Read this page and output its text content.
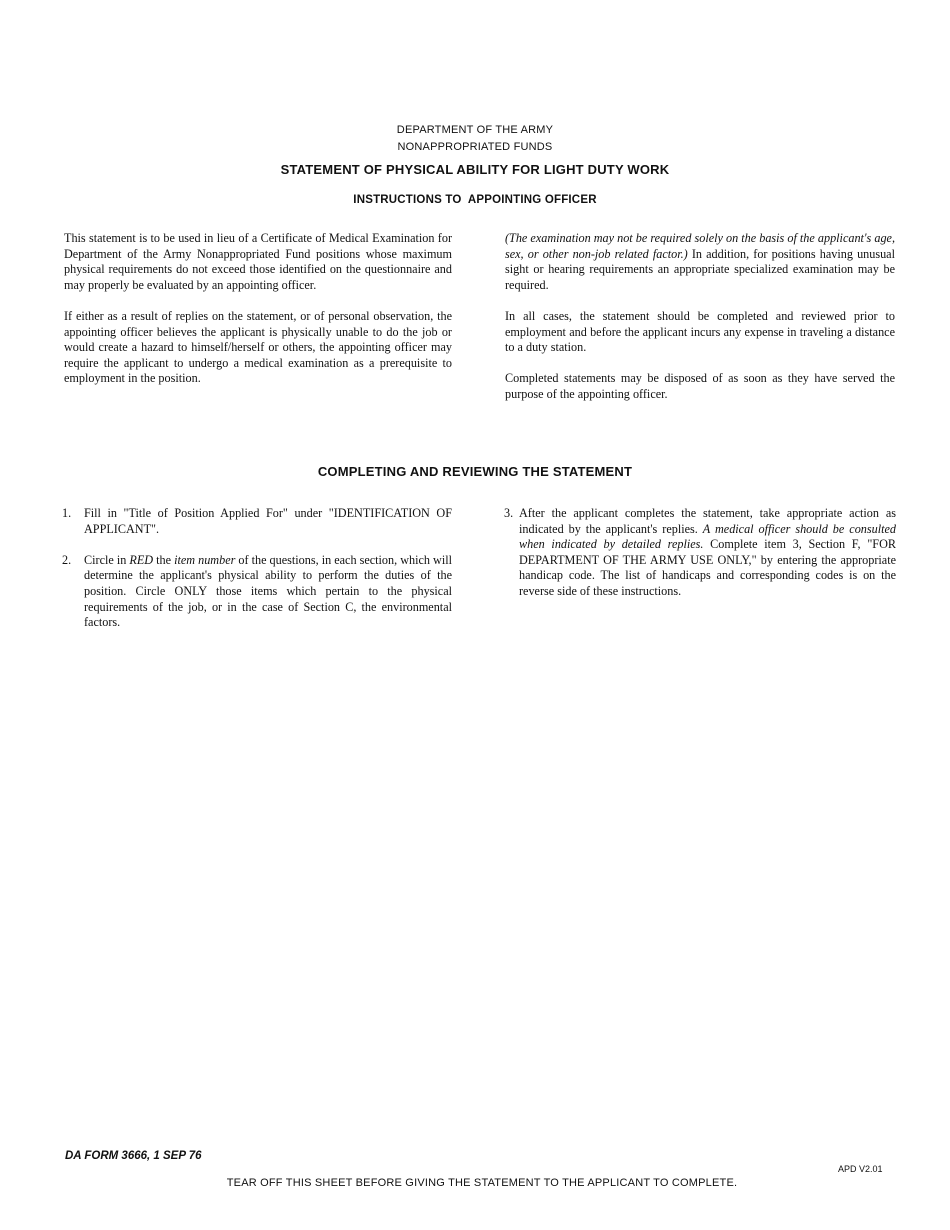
DEPARTMENT OF THE ARMY
NONAPPROPRIATED FUNDS
STATEMENT OF PHYSICAL ABILITY FOR LIGHT DUTY WORK
INSTRUCTIONS TO  APPOINTING OFFICER

This statement is to be used in lieu of a Certificate of Medical Examination for Department of the Army Nonappropriated Fund positions whose maximum physical requirements do not exceed those identified on the questionnaire and may properly be evaluated by an appointing officer.

If either as a result of replies on the statement, or of personal observation, the appointing officer believes the applicant is physically unable to do the job or would create a hazard to himself/herself or others, the appointing officer may require the applicant to undergo a medical examination as a prerequisite to employment in the position.

(The examination may not be required solely on the basis of the applicant's age, sex, or other non-job related factor.) In addition, for positions having unusual sight or hearing requirements an appropriate specialized examination may be required.

In all cases, the statement should be completed and reviewed prior to employment and before the applicant incurs any expense in traveling a distance to a duty station.

Completed statements may be disposed of as soon as they have served the purpose of the appointing officer.

COMPLETING AND REVIEWING THE STATEMENT
1. Fill in "Title of Position Applied For" under "IDENTIFICATION OF APPLICANT".
2. Circle in RED the item number of the questions, in each section, which will determine the applicant's physical ability to perform the duties of the position. Circle ONLY those items which pertain to the physical requirements of the job, or in the case of Section C, the environmental factors.
3. After the applicant completes the statement, take appropriate action as indicated by the applicant's replies. A medical officer should be consulted when indicated by detailed replies. Complete item 3, Section F, "FOR DEPARTMENT OF THE ARMY USE ONLY," by entering the appropriate handicap code. The list of handicaps and corresponding codes is on the reverse side of these instructions.
DA FORM 3666, 1 SEP 76
APD V2.01
TEAR OFF THIS SHEET BEFORE GIVING THE STATEMENT TO THE APPLICANT TO COMPLETE.
